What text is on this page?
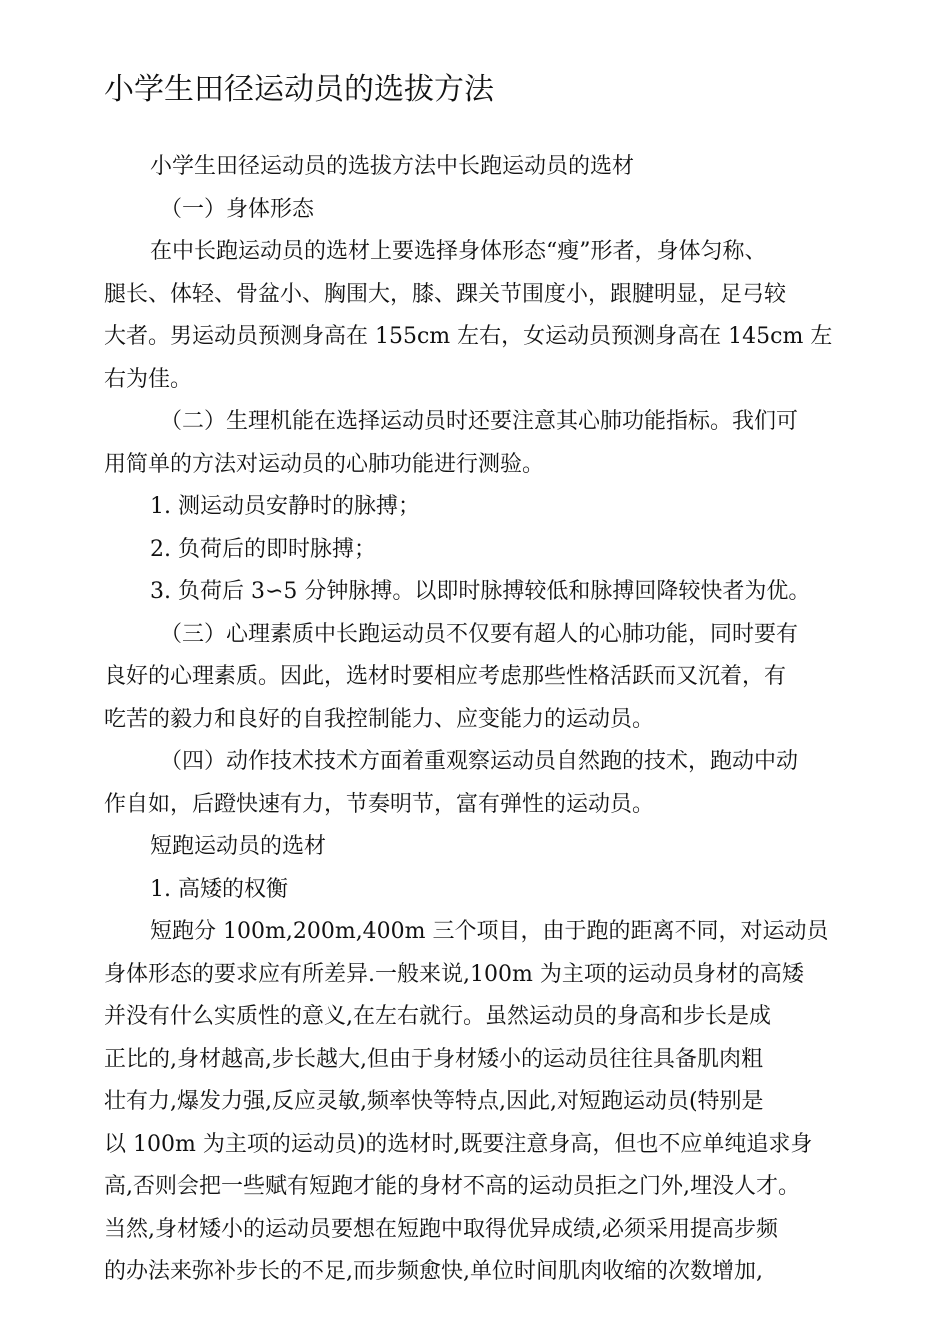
小学生田径运动员的选拔方法
小学生田径运动员的选拔方法中长跑运动员的选材
（一）身体形态
在中长跑运动员的选材上要选择身体形态“瘦”形者，身体匀称、
腿长、体轻、骨盆小、胸围大，膝、踝关节围度小，跟腱明显，足弓较
大者。男运动员预测身高在 155cm 左右，女运动员预测身高在 145cm 左
右为佳。
（二）生理机能在选择运动员时还要注意其心肺功能指标。我们可
用简单的方法对运动员的心肺功能进行测验。
1. 测运动员安静时的脉搏；
2. 负荷后的即时脉搏；
3. 负荷后 3∽5 分钟脉搏。以即时脉搏较低和脉搏回降较快者为优。
（三）心理素质中长跑运动员不仅要有超人的心肺功能，同时要有
良好的心理素质。因此，选材时要相应考虑那些性格活跃而又沉着，有
吃苦的毅力和良好的自我控制能力、应变能力的运动员。
（四）动作技术技术方面着重观察运动员自然跑的技术，跑动中动
作自如，后蹬快速有力，节奏明节，富有弹性的运动员。
短跑运动员的选材
1. 高矮的权衡
短跑分 100m,200m,400m 三个项目，由于跑的距离不同，对运动员
身体形态的要求应有所差异.一般来说,100m 为主项的运动员身材的高矮
并没有什么实质性的意义,在左右就行。虽然运动员的身高和步长是成
正比的,身材越高,步长越大,但由于身材矮小的运动员往往具备肌肉粗
壮有力,爆发力强,反应灵敏,频率快等特点,因此,对短跑运动员(特别是
以 100m 为主项的运动员)的选材时,既要注意身高，但也不应单纯追求身
高,否则会把一些赋有短跑才能的身材不高的运动员拒之门外,埋没人才。
当然,身材矮小的运动员要想在短跑中取得优异成绩,必须采用提高步频
的办法来弥补步长的不足,而步频愈快,单位时间肌肉收缩的次数增加,
